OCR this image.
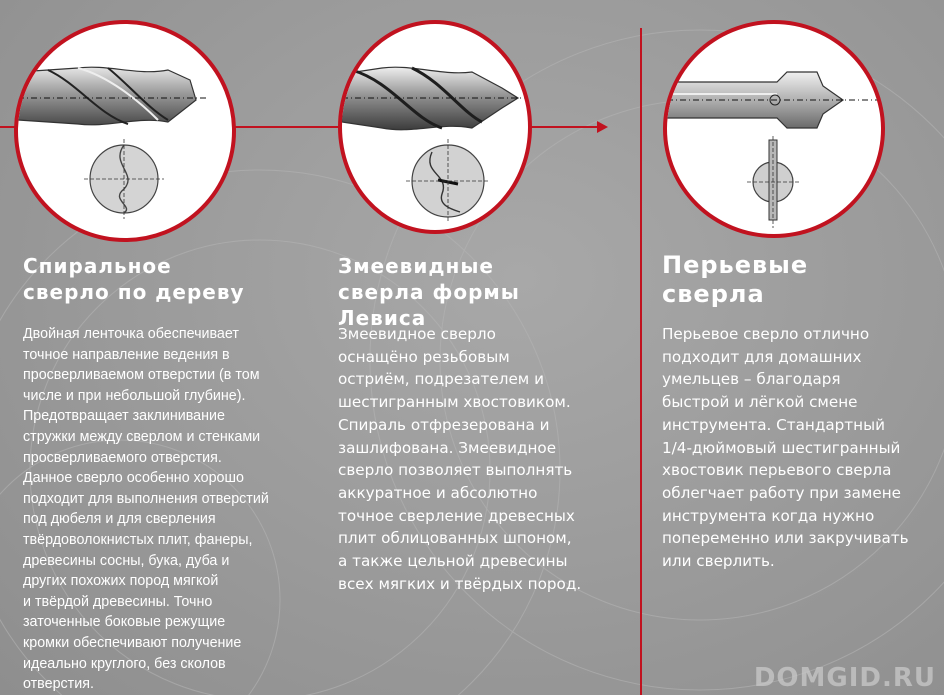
Спиральное
сверло по дереву

Двойная ленточка обеспечивает
точное направление ведения в
просверливаемом отверстии (в том
числе и при небольшой глубине).
Предотвращает заклинивание
стружки между сверлом и стенками
просверливаемого отверстия.
Данное сверло особенно хорошо
подходит для выполнения отверстий
под дюбеля и для сверления
твёрдоволокнистых плит, фанеры,
древесины сосны, бука, дуба и
других похожих пород мягкой
и твёрдой древесины. Точно
заточенные боковые режущие
кромки обеспечивают получение
идеально круглого, без сколов
отверстия.

Змеевидные
сверла формы
Левиса

Змеевидное сверло
оснащёно резьбовым
остриём, подрезателем и
шестигранным хвостовиком.
Спираль отфрезерована и
зашлифована. Змеевидное
сверло позволяет выполнять
аккуратное и абсолютно
точное сверление древесных
плит облицованных шпоном,
а также цельной древесины
всех мягких и твёрдых пород.

Перьевые
сверла

Перьевое сверло отлично
подходит для домашних
умельцев – благодаря
быстрой и лёгкой смене
инструмента. Стандартный
1/4-дюймовый шестигранный
хвостовик перьевого сверла
облегчает работу при замене
инструмента когда нужно
попеременно или закручивать
или сверлить.

DOMGID.RU
